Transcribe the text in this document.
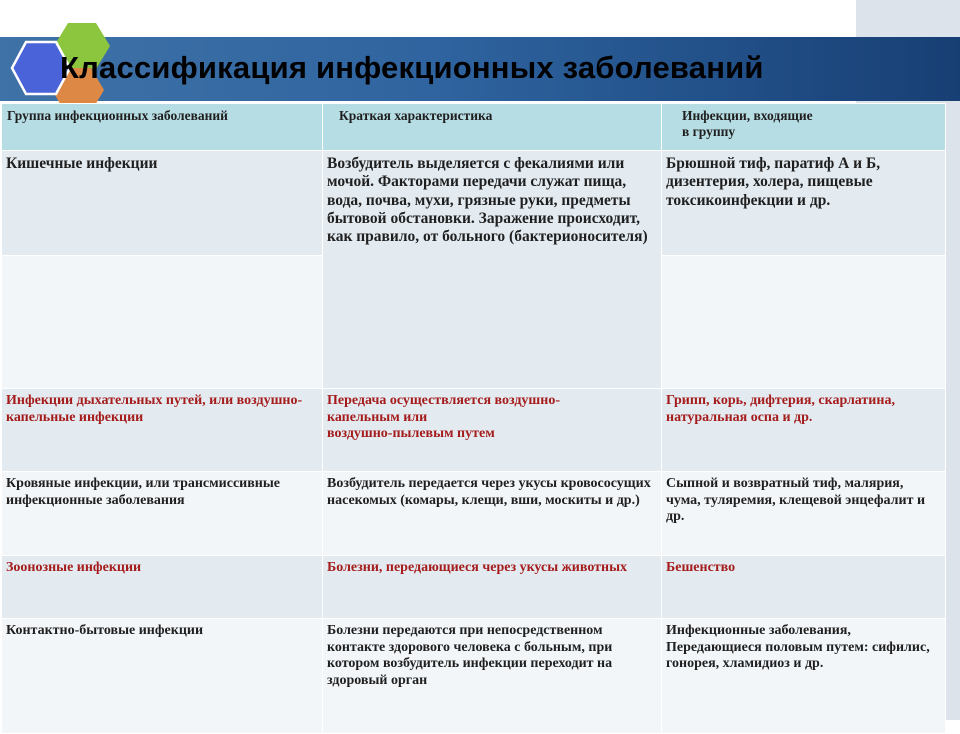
Классификация инфекционных заболеваний
Группа инфекционных заболеваний	Краткая характеристика	Инфекции, входящие
в группу

Кишечные инфекции	Возбудитель выделяется с фекалиями или мочой. Факторами передачи служат пища, вода, почва, мухи, грязные руки, предметы бытовой обстановки. Заражение происходит, как правило, от больного (бактерионосителя)	Брюшной тиф, паратиф А и Б, дизентерия, холера, пищевые токсикоинфекции и др.

Инфекции дыхательных путей, или воздушно-капельные инфекции	Передача осуществляется воздушно-
капельным или
воздушно-пылевым путем	Грипп, корь, дифтерия, скарлатина, натуральная оспа и др.
Кровяные инфекции, или трансмиссивные инфекционные заболевания	Возбудитель передается через укусы кровососущих насекомых (комары, клещи, вши, москиты и др.)	Сыпной и возвратный тиф, малярия, чума, туляремия, клещевой энцефалит и др.
Зоонозные инфекции	Болезни, передающиеся через укусы животных	Бешенство
Контактно-бытовые инфекции	Болезни передаются при непосредственном контакте здорового человека с больным, при котором возбудитель инфекции переходит на здоровый орган	Инфекционные заболевания, Передающиеся половым путем: сифилис, гонорея, хламидиоз и др.
